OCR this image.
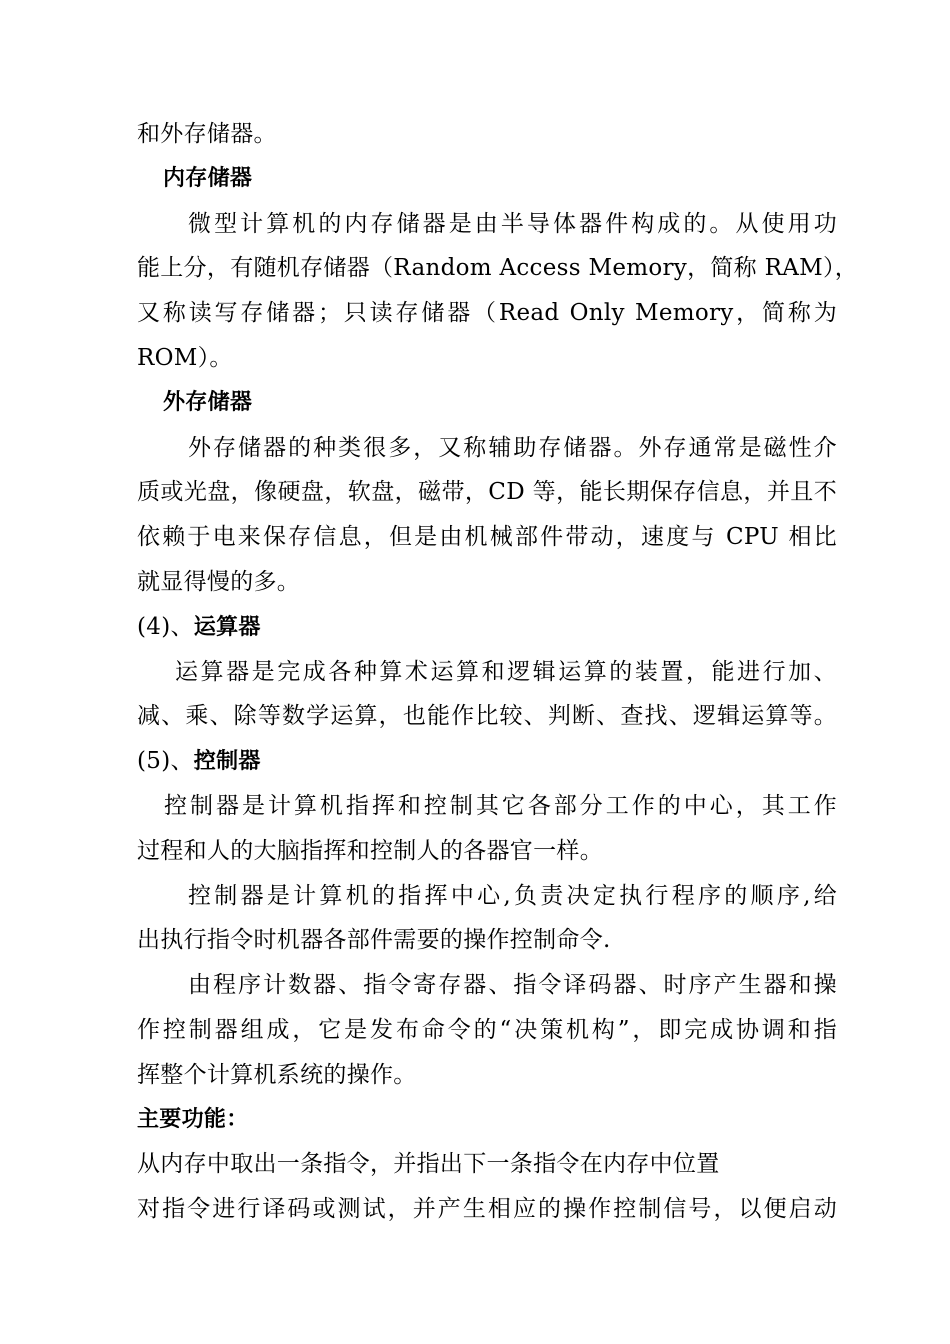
和外存储器。
内存储器
微型计算机的内存储器是由半导体器件构成的。从使用功
能上分，有随机存储器（Random Access Memory，简称 RAM），
又称读写存储器；只读存储器（Read Only Memory，简称为
ROM）。
外存储器
外存储器的种类很多，又称辅助存储器。外存通常是磁性介
质或光盘，像硬盘，软盘，磁带，CD 等，能长期保存信息，并且不
依赖于电来保存信息，但是由机械部件带动，速度与 CPU 相比
就显得慢的多。
(4)、运算器
运算器是完成各种算术运算和逻辑运算的装置，能进行加、
减、乘、除等数学运算，也能作比较、判断、查找、逻辑运算等。
(5)、控制器
控制器是计算机指挥和控制其它各部分工作的中心，其工作
过程和人的大脑指挥和控制人的各器官一样。
控制器是计算机的指挥中心,负责决定执行程序的顺序,给
出执行指令时机器各部件需要的操作控制命令.
由程序计数器、指令寄存器、指令译码器、时序产生器和操
作控制器组成，它是发布命令的“决策机构”，即完成协调和指
挥整个计算机系统的操作。
主要功能：
从内存中取出一条指令，并指出下一条指令在内存中位置
对指令进行译码或测试，并产生相应的操作控制信号，以便启动
